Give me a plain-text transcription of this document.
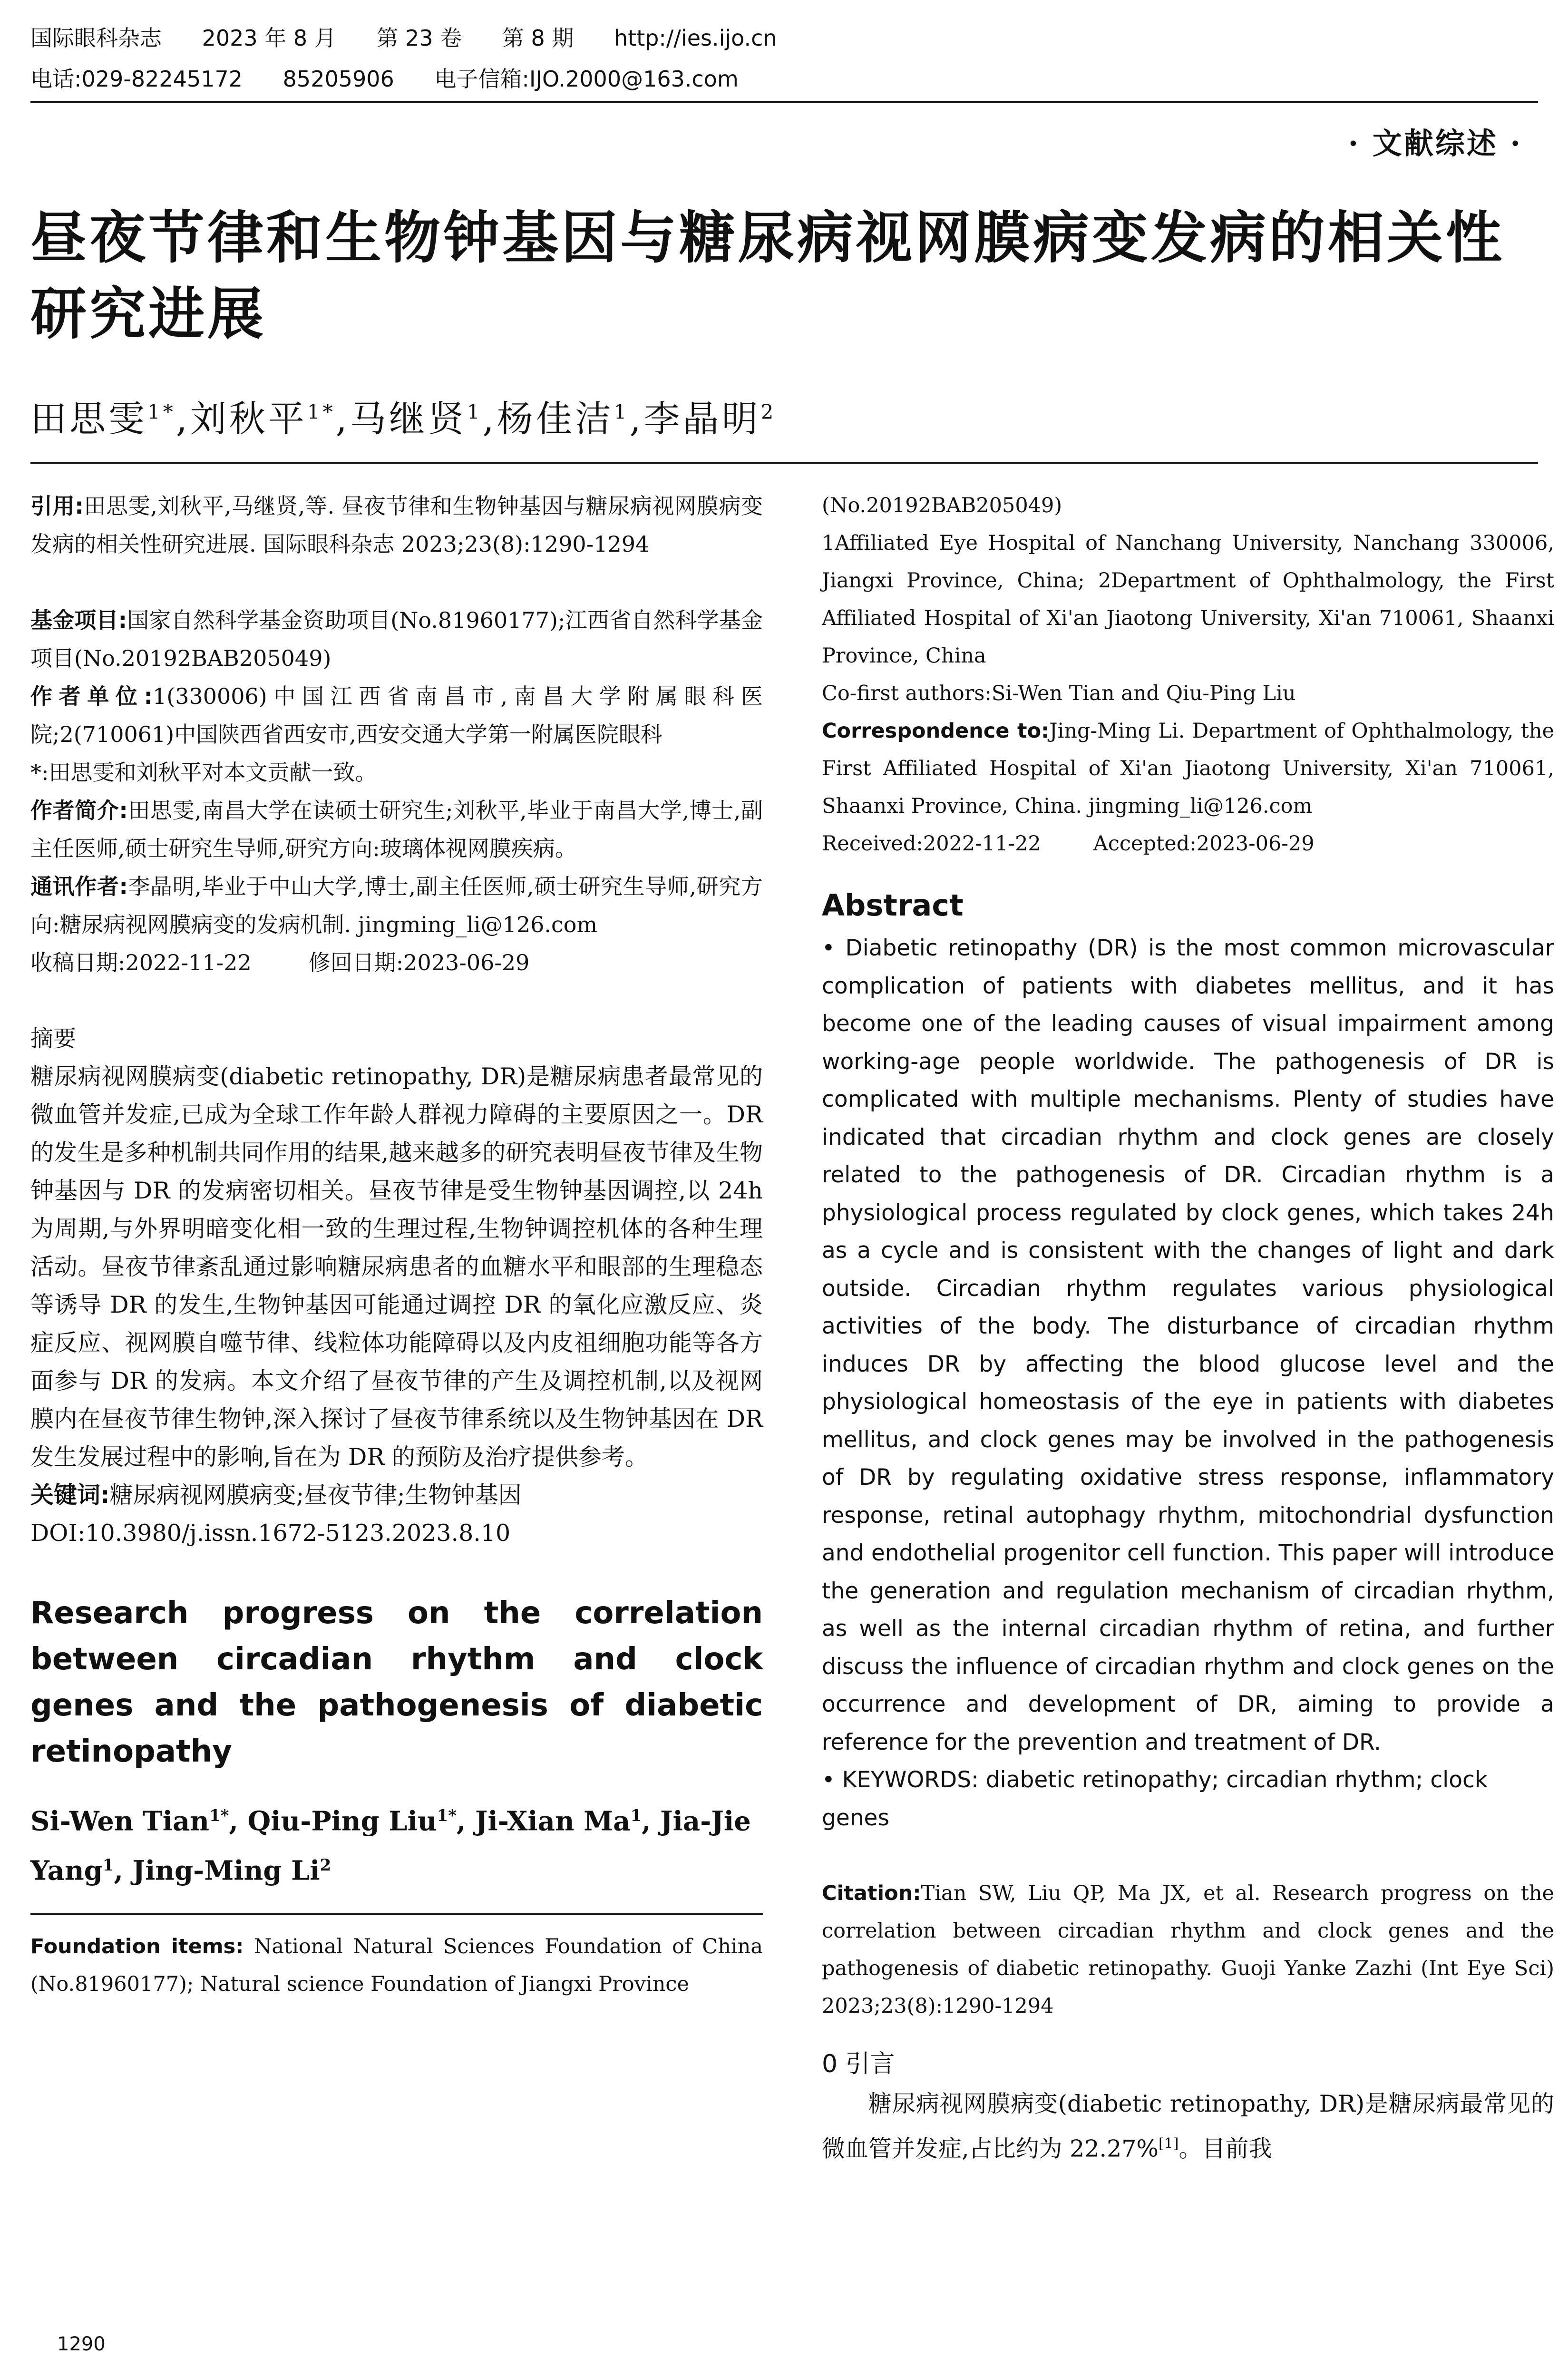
国际眼科杂志 2023 年 8 月 第 23 卷 第 8 期 http://ies.ijo.cn
电话:029-82245172 85205906 电子信箱:IJO.2000@163.com
· 文献综述 ·
昼夜节律和生物钟基因与糖尿病视网膜病变发病的相关性研究进展
田思雯$^{1*}$,刘秋平$^{1*}$,马继贤$^1$,杨佳洁$^1$,李晶明$^2$

引用:田思雯,刘秋平,马继贤,等. 昼夜节律和生物钟基因与糖尿病视网膜病变发病的相关性研究进展. 国际眼科杂志 2023;23(8):1290-1294

基金项目:国家自然科学基金资助项目(No.81960177);江西省自然科学基金项目(No.20192BAB205049)

作者单位:1(330006)中国江西省南昌市,南昌大学附属眼科医院;2(710061)中国陕西省西安市,西安交通大学第一附属医院眼科

*:田思雯和刘秋平对本文贡献一致。

作者简介:田思雯,南昌大学在读硕士研究生;刘秋平,毕业于南昌大学,博士,副主任医师,硕士研究生导师,研究方向:玻璃体视网膜疾病。

通讯作者:李晶明,毕业于中山大学,博士,副主任医师,硕士研究生导师,研究方向:糖尿病视网膜病变的发病机制. jingming_li@126.com

收稿日期:2022-11-22	修回日期:2023-06-29

摘要

糖尿病视网膜病变(diabetic retinopathy, DR)是糖尿病患者最常见的微血管并发症,已成为全球工作年龄人群视力障碍的主要原因之一。DR 的发生是多种机制共同作用的结果,越来越多的研究表明昼夜节律及生物钟基因与 DR 的发病密切相关。昼夜节律是受生物钟基因调控,以 24h 为周期,与外界明暗变化相一致的生理过程,生物钟调控机体的各种生理活动。昼夜节律紊乱通过影响糖尿病患者的血糖水平和眼部的生理稳态等诱导 DR 的发生,生物钟基因可能通过调控 DR 的氧化应激反应、炎症反应、视网膜自噬节律、线粒体功能障碍以及内皮祖细胞功能等各方面参与 DR 的发病。本文介绍了昼夜节律的产生及调控机制,以及视网膜内在昼夜节律生物钟,深入探讨了昼夜节律系统以及生物钟基因在 DR 发生发展过程中的影响,旨在为 DR 的预防及治疗提供参考。

关键词:糖尿病视网膜病变;昼夜节律;生物钟基因

DOI:10.3980/j.issn.1672-5123.2023.8.10

Research progress on the correlation between circadian rhythm and clock genes and the pathogenesis of diabetic retinopathy

Si-Wen Tian$^{1*}$, Qiu-Ping Liu$^{1*}$, Ji-Xian Ma$^1$, Jia-Jie Yang$^1$, Jing-Ming Li$^2$

Foundation items: National Natural Sciences Foundation of China (No.81960177); Natural science Foundation of Jiangxi Province

(No.20192BAB205049)

1Affiliated Eye Hospital of Nanchang University, Nanchang 330006, Jiangxi Province, China; 2Department of Ophthalmology, the First Affiliated Hospital of Xi'an Jiaotong University, Xi'an 710061, Shaanxi Province, China

Co-first authors:Si-Wen Tian and Qiu-Ping Liu

Correspondence to:Jing-Ming Li. Department of Ophthalmology, the First Affiliated Hospital of Xi'an Jiaotong University, Xi'an 710061, Shaanxi Province, China. jingming_li@126.com

Received:2022-11-22	Accepted:2023-06-29

Abstract

• Diabetic retinopathy (DR) is the most common microvascular complication of patients with diabetes mellitus, and it has become one of the leading causes of visual impairment among working-age people worldwide. The pathogenesis of DR is complicated with multiple mechanisms. Plenty of studies have indicated that circadian rhythm and clock genes are closely related to the pathogenesis of DR. Circadian rhythm is a physiological process regulated by clock genes, which takes 24h as a cycle and is consistent with the changes of light and dark outside. Circadian rhythm regulates various physiological activities of the body. The disturbance of circadian rhythm induces DR by affecting the blood glucose level and the physiological homeostasis of the eye in patients with diabetes mellitus, and clock genes may be involved in the pathogenesis of DR by regulating oxidative stress response, inflammatory response, retinal autophagy rhythm, mitochondrial dysfunction and endothelial progenitor cell function. This paper will introduce the generation and regulation mechanism of circadian rhythm, as well as the internal circadian rhythm of retina, and further discuss the influence of circadian rhythm and clock genes on the occurrence and development of DR, aiming to provide a reference for the prevention and treatment of DR.

• KEYWORDS: diabetic retinopathy; circadian rhythm; clock genes

Citation:Tian SW, Liu QP, Ma JX, et al. Research progress on the correlation between circadian rhythm and clock genes and the pathogenesis of diabetic retinopathy. Guoji Yanke Zazhi (Int Eye Sci) 2023;23(8):1290-1294

0 引言

糖尿病视网膜病变(diabetic retinopathy, DR)是糖尿病最常见的微血管并发症,占比约为 22.27%[1]。目前我

1290
